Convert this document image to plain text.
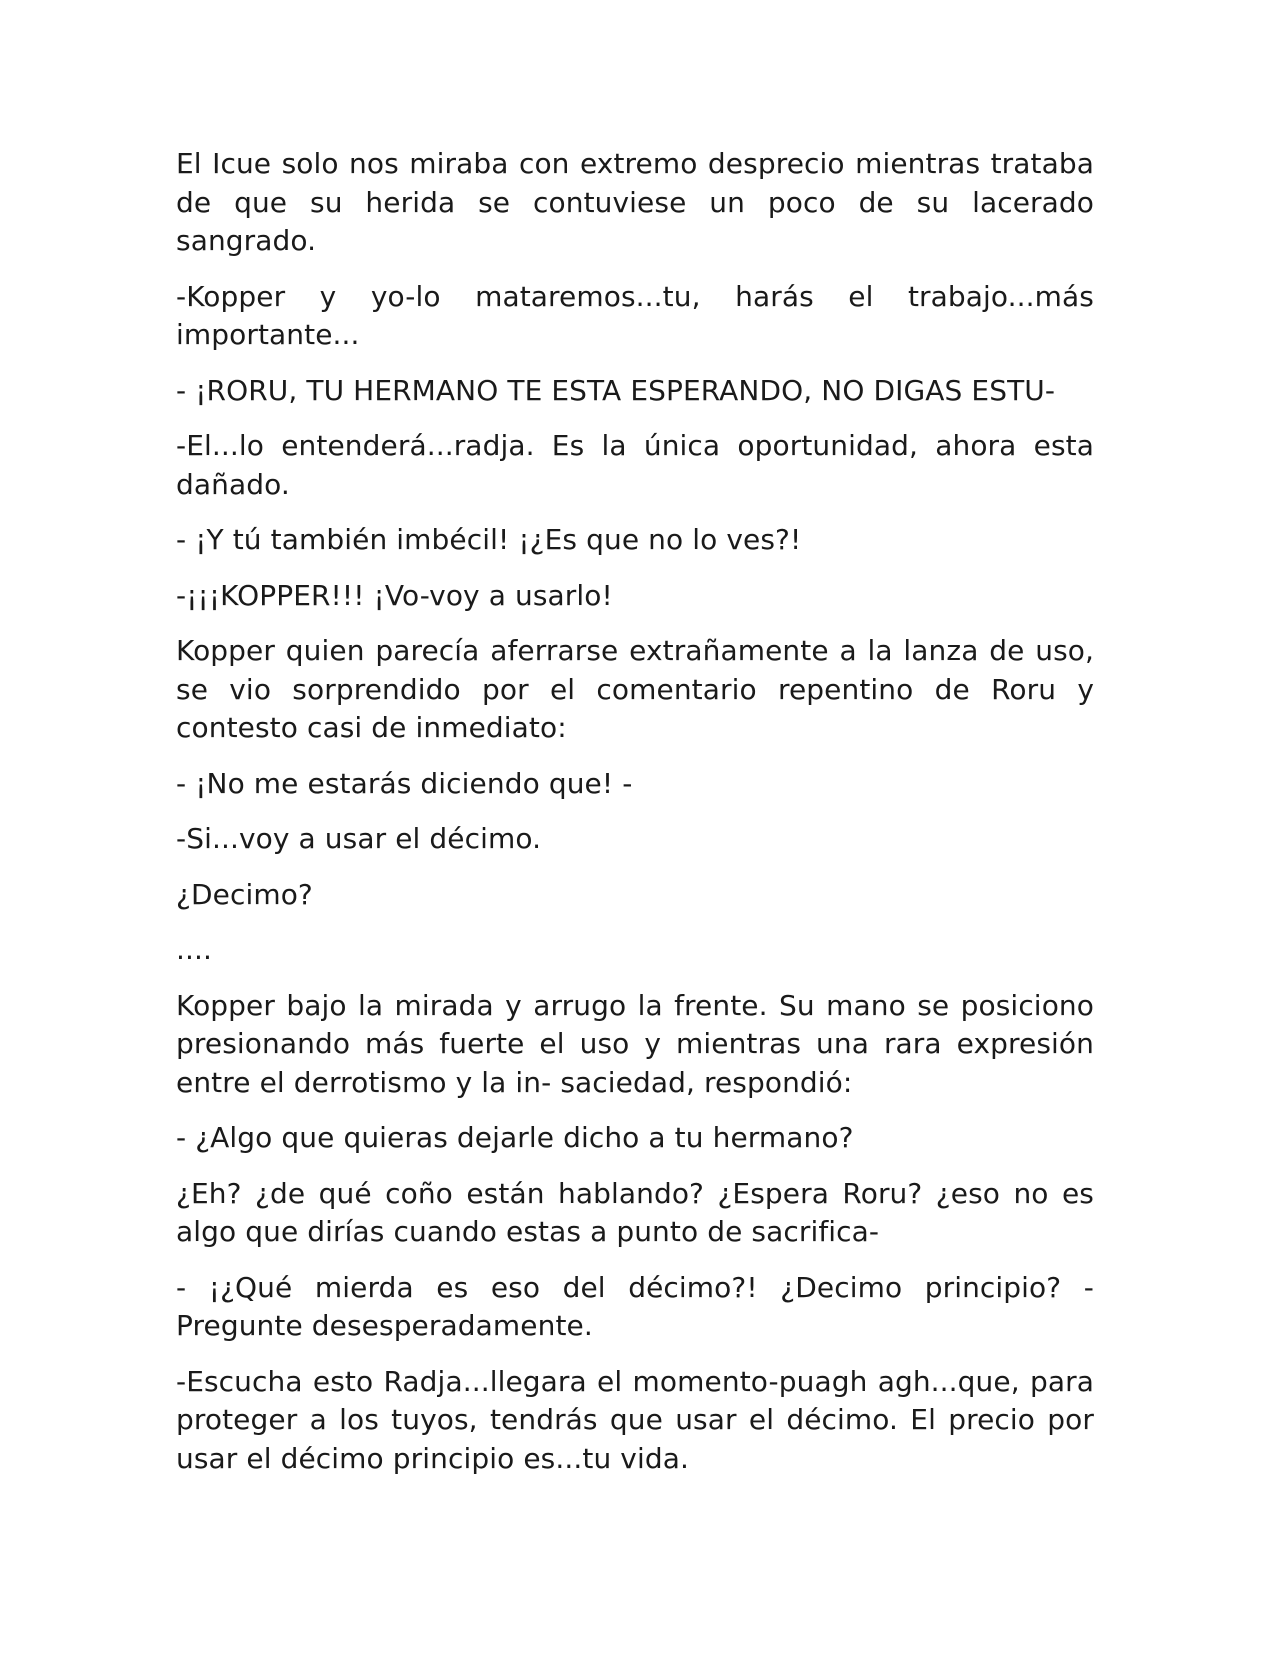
El Icue solo nos miraba con extremo desprecio mientras trataba de que su herida se contuviese un poco de su lacerado sangrado.

-Kopper y yo-lo mataremos...tu, harás el trabajo...más importante...

- ¡RORU, TU HERMANO TE ESTA ESPERANDO, NO DIGAS ESTU-

-El...lo entenderá...radja. Es la única oportunidad, ahora esta dañado.

- ¡Y tú también imbécil! ¡¿Es que no lo ves?!

-¡¡¡KOPPER!!! ¡Vo-voy a usarlo!

Kopper quien parecía aferrarse extrañamente a la lanza de uso, se vio sorprendido por el comentario repentino de Roru y contesto casi de inmediato:

- ¡No me estarás diciendo que! -

-Si...voy a usar el décimo.

¿Decimo?

....

Kopper bajo la mirada y arrugo la frente. Su mano se posiciono presionando más fuerte el uso y mientras una rara expresión entre el derrotismo y la in- saciedad, respondió:

- ¿Algo que quieras dejarle dicho a tu hermano?

¿Eh? ¿de qué coño están hablando? ¿Espera Roru? ¿eso no es algo que dirías cuando estas a punto de sacrifica-

- ¡¿Qué mierda es eso del décimo?! ¿Decimo principio? -Pregunte desesperadamente.

-Escucha esto Radja...llegara el momento-puagh agh...que, para proteger a los tuyos, tendrás que usar el décimo. El precio por usar el décimo principio es...tu vida.
